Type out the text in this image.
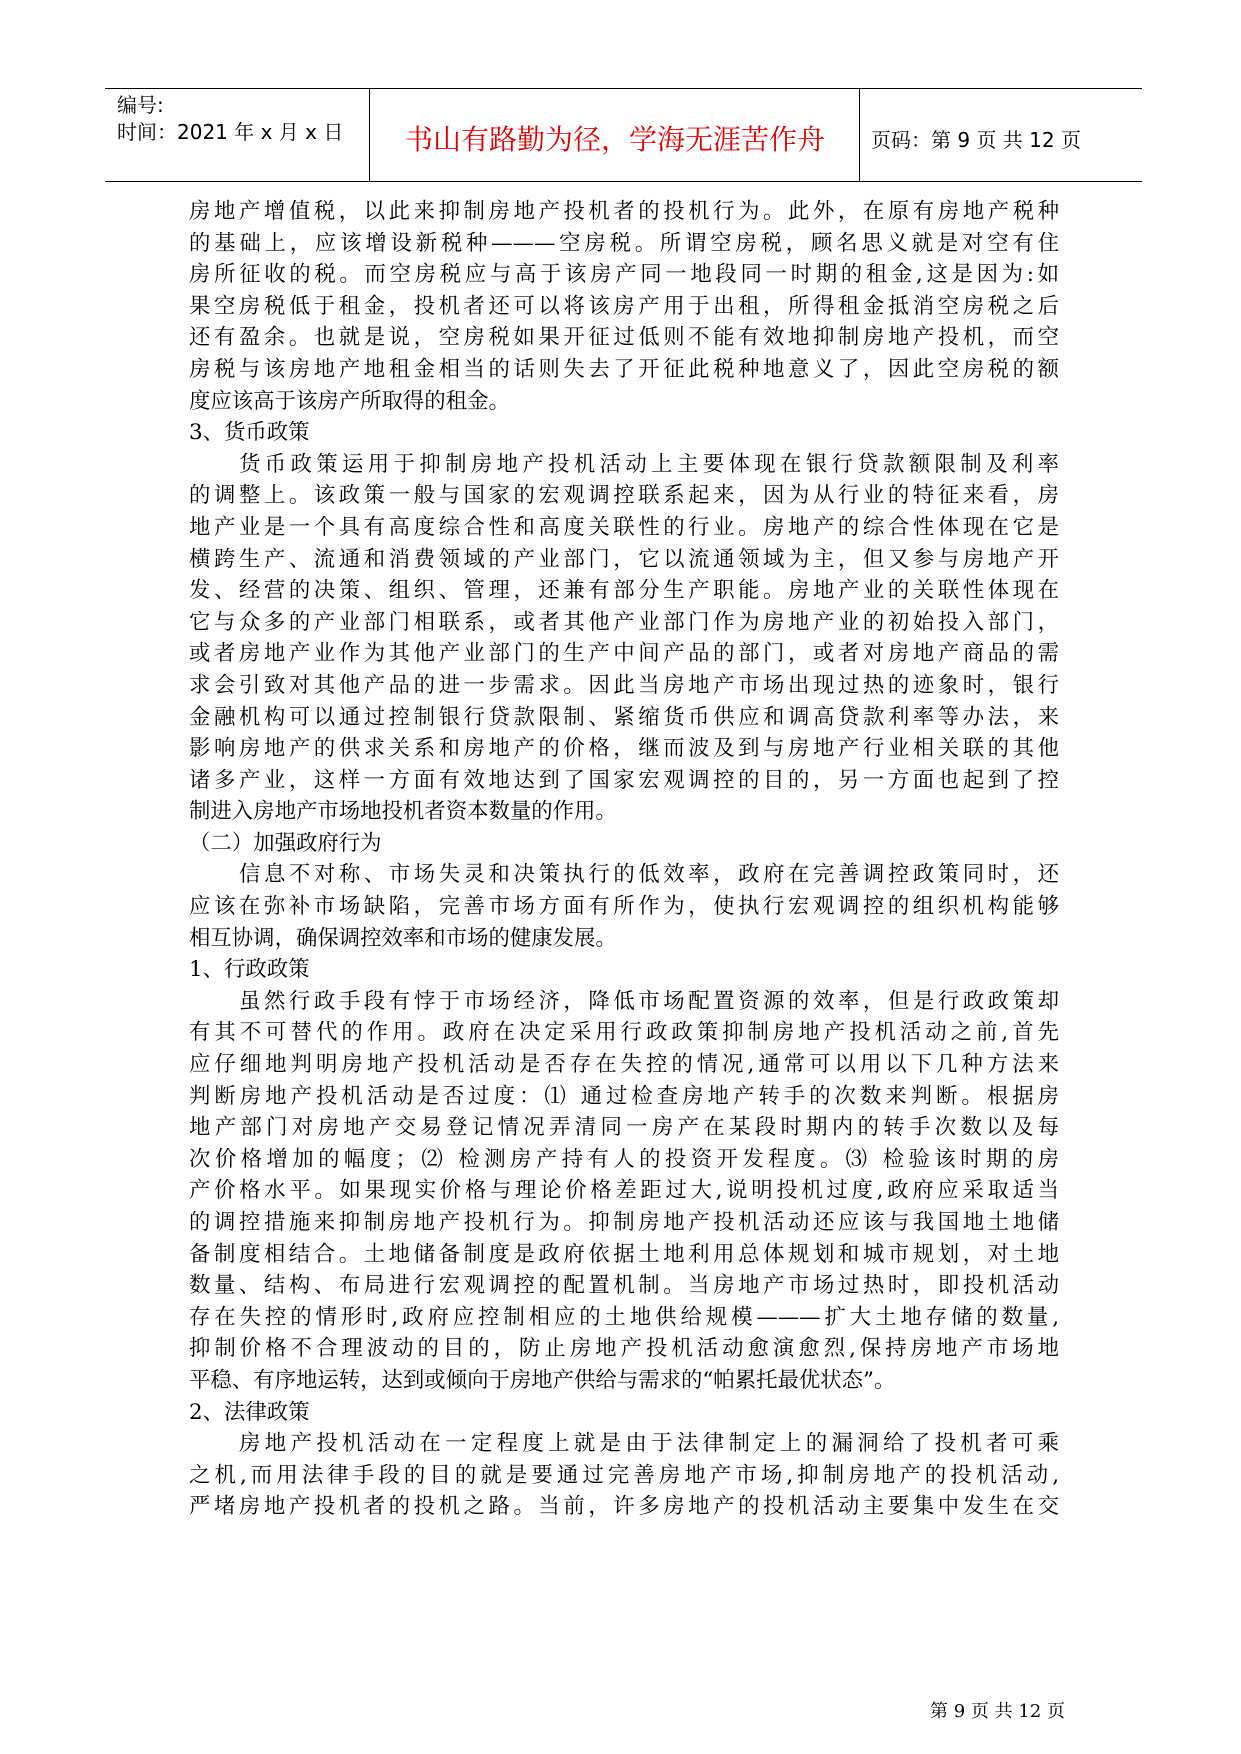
编号:
时间：2021 年 x 月 x 日	书山有路勤为径，学海无涯苦作舟	页码：第 9 页 共 12 页
房地产增值税，以此来抑制房地产投机者的投机行为。此外，在原有房地产税种
的基础上，应该增设新税种———空房税。所谓空房税，顾名思义就是对空有住
房所征收的税。而空房税应与高于该房产同一地段同一时期的租金,这是因为:如
果空房税低于租金，投机者还可以将该房产用于出租，所得租金抵消空房税之后
还有盈余。也就是说，空房税如果开征过低则不能有效地抑制房地产投机，而空
房税与该房地产地租金相当的话则失去了开征此税种地意义了，因此空房税的额
度应该高于该房产所取得的租金。
3、货币政策
货币政策运用于抑制房地产投机活动上主要体现在银行贷款额限制及利率
的调整上。该政策一般与国家的宏观调控联系起来，因为从行业的特征来看，房
地产业是一个具有高度综合性和高度关联性的行业。房地产的综合性体现在它是
横跨生产、流通和消费领域的产业部门，它以流通领域为主，但又参与房地产开
发、经营的决策、组织、管理，还兼有部分生产职能。房地产业的关联性体现在
它与众多的产业部门相联系，或者其他产业部门作为房地产业的初始投入部门，
或者房地产业作为其他产业部门的生产中间产品的部门，或者对房地产商品的需
求会引致对其他产品的进一步需求。因此当房地产市场出现过热的迹象时，银行
金融机构可以通过控制银行贷款限制、紧缩货币供应和调高贷款利率等办法，来
影响房地产的供求关系和房地产的价格，继而波及到与房地产行业相关联的其他
诸多产业，这样一方面有效地达到了国家宏观调控的目的，另一方面也起到了控
制进入房地产市场地投机者资本数量的作用。
（二）加强政府行为
信息不对称、市场失灵和决策执行的低效率，政府在完善调控政策同时，还
应该在弥补市场缺陷，完善市场方面有所作为，使执行宏观调控的组织机构能够
相互协调，确保调控效率和市场的健康发展。
1、行政政策
虽然行政手段有悖于市场经济，降低市场配置资源的效率，但是行政政策却
有其不可替代的作用。政府在决定采用行政政策抑制房地产投机活动之前,首先
应仔细地判明房地产投机活动是否存在失控的情况,通常可以用以下几种方法来
判断房地产投机活动是否过度：⑴ 通过检查房地产转手的次数来判断。根据房
地产部门对房地产交易登记情况弄清同一房产在某段时期内的转手次数以及每
次价格增加的幅度；⑵ 检测房产持有人的投资开发程度。⑶ 检验该时期的房
产价格水平。如果现实价格与理论价格差距过大,说明投机过度,政府应采取适当
的调控措施来抑制房地产投机行为。抑制房地产投机活动还应该与我国地土地储
备制度相结合。土地储备制度是政府依据土地利用总体规划和城市规划，对土地
数量、结构、布局进行宏观调控的配置机制。当房地产市场过热时，即投机活动
存在失控的情形时,政府应控制相应的土地供给规模———扩大土地存储的数量,
抑制价格不合理波动的目的，防止房地产投机活动愈演愈烈,保持房地产市场地
平稳、有序地运转，达到或倾向于房地产供给与需求的“帕累托最优状态”。
2、法律政策
房地产投机活动在一定程度上就是由于法律制定上的漏洞给了投机者可乘
之机,而用法律手段的目的就是要通过完善房地产市场,抑制房地产的投机活动,
严堵房地产投机者的投机之路。当前，许多房地产的投机活动主要集中发生在交
第 9 页 共 12 页
